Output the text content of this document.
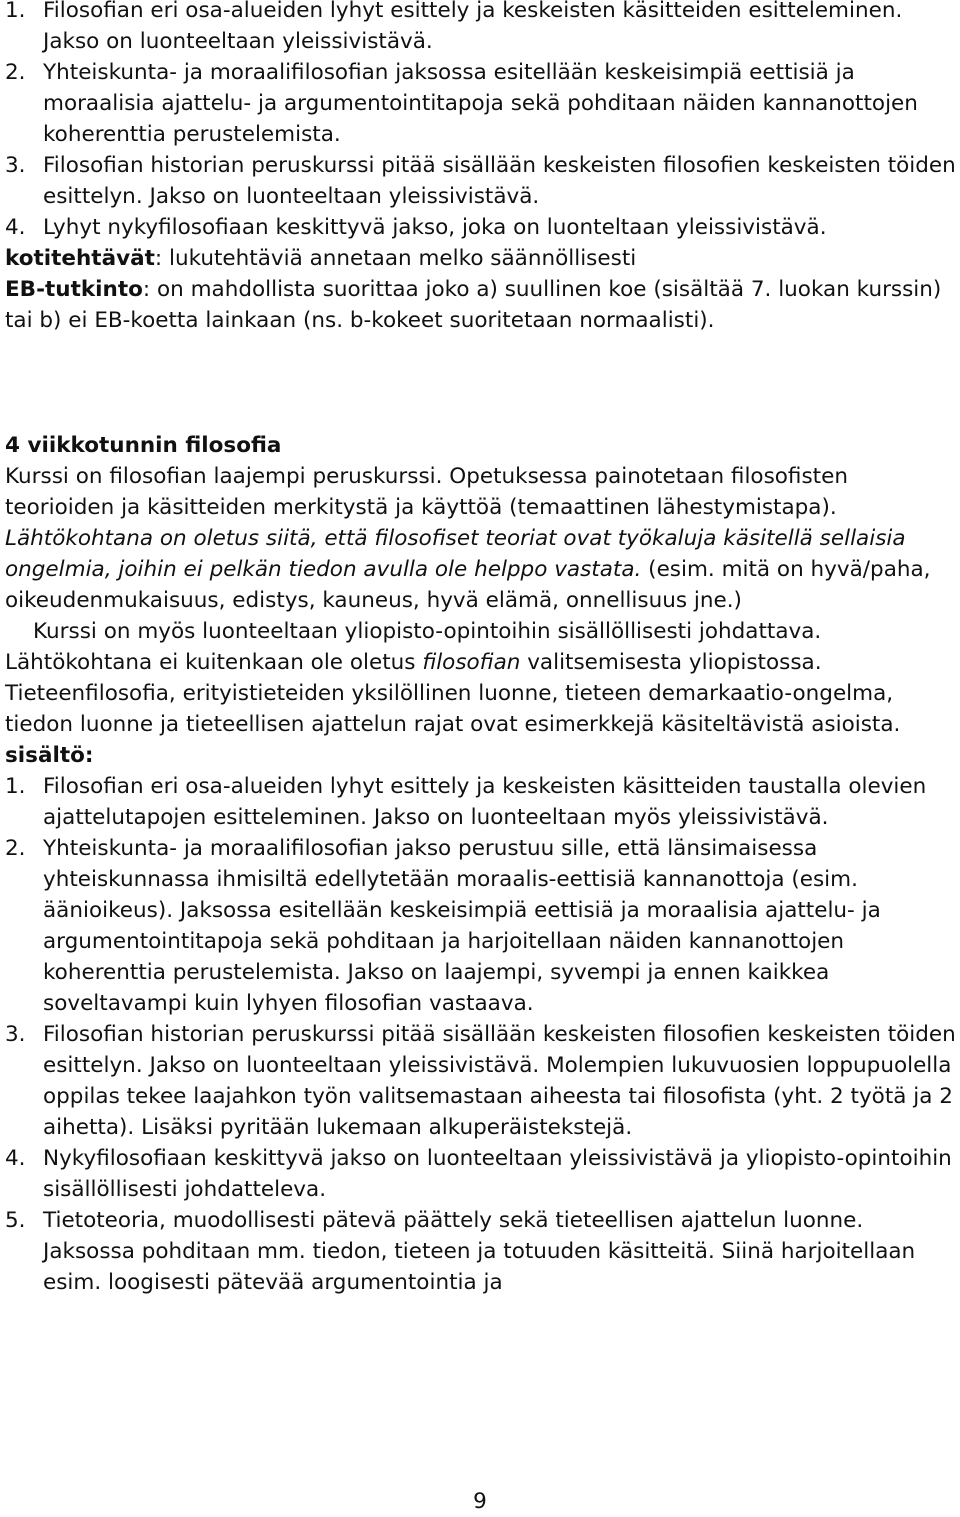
1. Filosofian eri osa-alueiden lyhyt esittely ja keskeisten käsitteiden esitteleminen. Jakso on luonteeltaan yleissivistävä.

2. Yhteiskunta- ja moraalifilosofian jaksossa esitellään keskeisimpiä eettisiä ja moraalisia ajattelu- ja argumentointitapoja sekä pohditaan näiden kannanottojen koherenttia perustelemista.

3. Filosofian historian peruskurssi pitää sisällään keskeisten filosofien keskeisten töiden esittelyn. Jakso on luonteeltaan yleissivistävä.

4. Lyhyt nykyfilosofiaan keskittyvä jakso, joka on luonteltaan yleissivistävä.

kotitehtävät: lukutehtäviä annetaan melko säännöllisesti

EB-tutkinto: on mahdollista suorittaa joko a) suullinen koe (sisältää 7. luokan kurssin) tai b) ei EB-koetta lainkaan (ns. b-kokeet suoritetaan normaalisti).

4 viikkotunnin filosofia

Kurssi on filosofian laajempi peruskurssi. Opetuksessa painotetaan filosofisten teorioiden ja käsitteiden merkitystä ja käyttöä (temaattinen lähestymistapa). Lähtökohtana on oletus siitä, että filosofiset teoriat ovat työkaluja käsitellä sellaisia ongelmia, joihin ei pelkän tiedon avulla ole helppo vastata. (esim. mitä on hyvä/paha, oikeudenmukaisuus, edistys, kauneus, hyvä elämä, onnellisuus jne.)

Kurssi on myös luonteeltaan yliopisto-opintoihin sisällöllisesti johdattava. Lähtökohtana ei kuitenkaan ole oletus filosofian valitsemisesta yliopistossa. Tieteenfilosofia, erityistieteiden yksilöllinen luonne, tieteen demarkaatio-ongelma, tiedon luonne ja tieteellisen ajattelun rajat ovat esimerkkejä käsiteltävistä asioista.

sisältö:

1. Filosofian eri osa-alueiden lyhyt esittely ja keskeisten käsitteiden taustalla olevien ajattelutapojen esitteleminen. Jakso on luonteeltaan myös yleissivistävä.

2. Yhteiskunta- ja moraalifilosofian jakso perustuu sille, että länsimaisessa yhteiskunnassa ihmisiltä edellytetään moraalis-eettisiä kannanottoja (esim. äänioikeus). Jaksossa esitellään keskeisimpiä eettisiä ja moraalisia ajattelu- ja argumentointitapoja sekä pohditaan ja harjoitellaan näiden kannanottojen koherenttia perustelemista. Jakso on laajempi, syvempi ja ennen kaikkea soveltavampi kuin lyhyen filosofian vastaava.

3. Filosofian historian peruskurssi pitää sisällään keskeisten filosofien keskeisten töiden esittelyn. Jakso on luonteeltaan yleissivistävä. Molempien lukuvuosien loppupuolella oppilas tekee laajahkon työn valitsemastaan aiheesta tai filosofista (yht. 2 työtä ja 2 aihetta). Lisäksi pyritään lukemaan alkuperäistekstejä.

4. Nykyfilosofiaan keskittyvä jakso on luonteeltaan yleissivistävä ja yliopisto-opintoihin sisällöllisesti johdatteleva.

5. Tietoteoria, muodollisesti pätevä päättely sekä tieteellisen ajattelun luonne. Jaksossa pohditaan mm. tiedon, tieteen ja totuuden käsitteitä. Siinä harjoitellaan esim. loogisesti pätevää argumentointia ja

9
